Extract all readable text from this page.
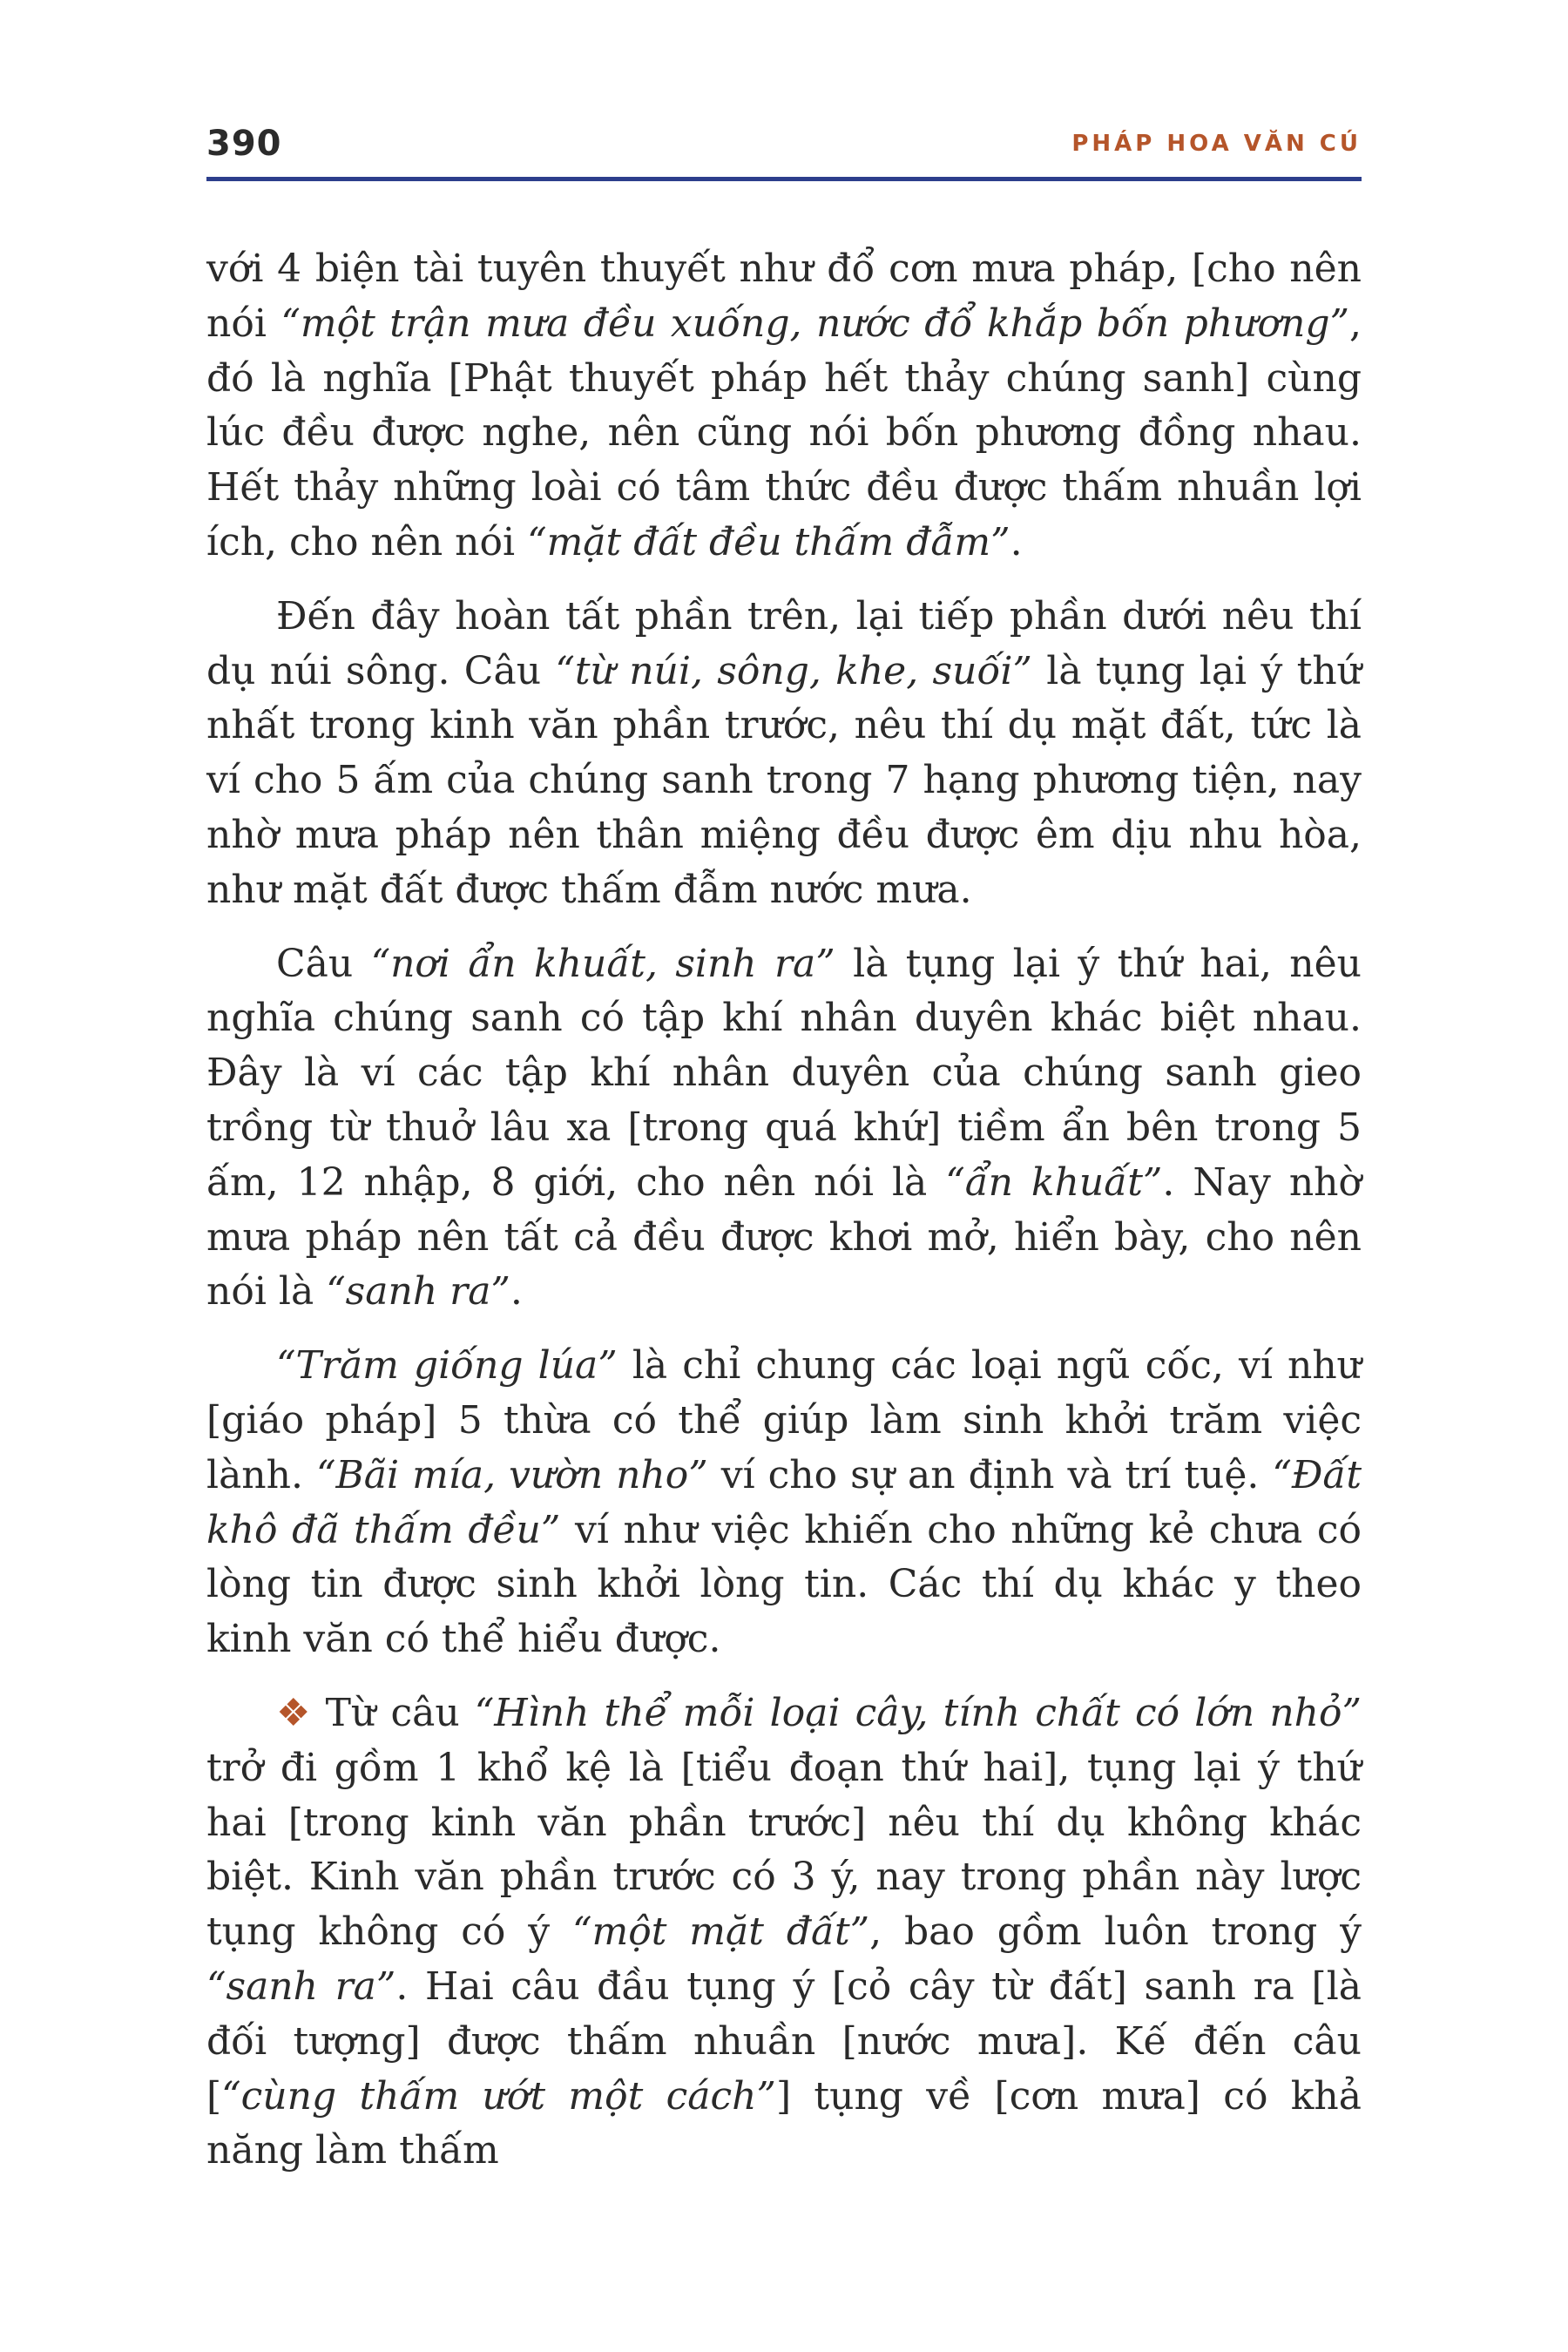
390	PHÁP HOA VĂN CÚ

với 4 biện tài tuyên thuyết như đổ cơn mưa pháp, [cho nên nói “một trận mưa đều xuống, nước đổ khắp bốn phương”, đó là nghĩa [Phật thuyết pháp hết thảy chúng sanh] cùng lúc đều được nghe, nên cũng nói bốn phương đồng nhau. Hết thảy những loài có tâm thức đều được thấm nhuần lợi ích, cho nên nói “mặt đất đều thấm đẫm”.

Đến đây hoàn tất phần trên, lại tiếp phần dưới nêu thí dụ núi sông. Câu “từ núi, sông, khe, suối” là tụng lại ý thứ nhất trong kinh văn phần trước, nêu thí dụ mặt đất, tức là ví cho 5 ấm của chúng sanh trong 7 hạng phương tiện, nay nhờ mưa pháp nên thân miệng đều được êm dịu nhu hòa, như mặt đất được thấm đẫm nước mưa.

Câu “nơi ẩn khuất, sinh ra” là tụng lại ý thứ hai, nêu nghĩa chúng sanh có tập khí nhân duyên khác biệt nhau. Đây là ví các tập khí nhân duyên của chúng sanh gieo trồng từ thuở lâu xa [trong quá khứ] tiềm ẩn bên trong 5 ấm, 12 nhập, 8 giới, cho nên nói là “ẩn khuất”. Nay nhờ mưa pháp nên tất cả đều được khơi mở, hiển bày, cho nên nói là “sanh ra”.

“Trăm giống lúa” là chỉ chung các loại ngũ cốc, ví như [giáo pháp] 5 thừa có thể giúp làm sinh khởi trăm việc lành. “Bãi mía, vườn nho” ví cho sự an định và trí tuệ. “Đất khô đã thấm đều” ví như việc khiến cho những kẻ chưa có lòng tin được sinh khởi lòng tin. Các thí dụ khác y theo kinh văn có thể hiểu được.

❖ Từ câu “Hình thể mỗi loại cây, tính chất có lớn nhỏ” trở đi gồm 1 khổ kệ là [tiểu đoạn thứ hai], tụng lại ý thứ hai [trong kinh văn phần trước] nêu thí dụ không khác biệt. Kinh văn phần trước có 3 ý, nay trong phần này lược tụng không có ý “một mặt đất”, bao gồm luôn trong ý “sanh ra”. Hai câu đầu tụng ý [cỏ cây từ đất] sanh ra [là đối tượng] được thấm nhuần [nước mưa]. Kế đến câu [“cùng thấm ướt một cách”] tụng về [cơn mưa] có khả năng làm thấm
